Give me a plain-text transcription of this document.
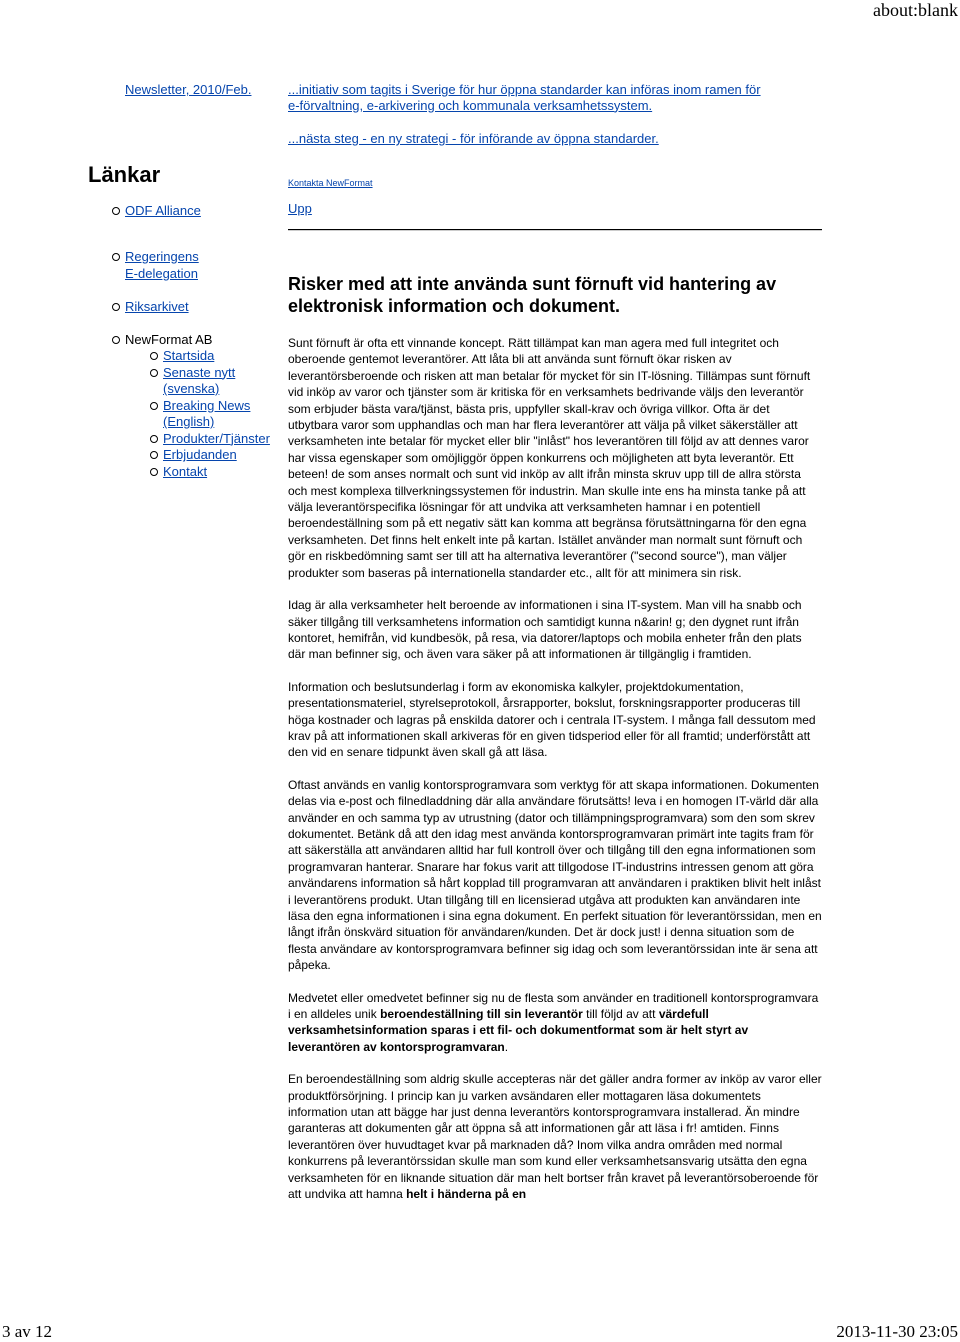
about:blank
3 av 12	2013-11-30 23:05
Newsletter, 2010/Feb.
Länkar
ODF Alliance
Regeringens
E-delegation
Riksarkivet
NewFormat AB
Startsida
Senaste nytt
(svenska)
Breaking News
(English)
Produkter/Tjänster
Erbjudanden
Kontakt
...initiativ som tagits i Sverige för hur öppna standarder kan införas inom ramen för
e-förvaltning, e-arkivering och kommunala verksamhetssystem.
...nästa steg - en ny strategi - för införande av öppna standarder.
Kontakta NewFormat
Upp
Risker med att inte använda sunt förnuft vid hantering av elektronisk information och dokument.

Sunt förnuft är ofta ett vinnande koncept. Rätt tillämpat kan man agera med full integritet och oberoende gentemot leverantörer. Att låta bli att använda sunt förnuft ökar risken av leverantörsberoende och risken att man betalar för mycket för sin IT-lösning. Tillämpas sunt förnuft vid inköp av varor och tjänster som är kritiska för en verksamhets bedrivande väljs den leverantör som erbjuder bästa vara/tjänst, bästa pris, uppfyller skall-krav och övriga villkor. Ofta är det utbytbara varor som upphandlas och man har flera leverantörer att välja på vilket säkerställer att verksamheten inte betalar för mycket eller blir "inlåst" hos leverantören till följd av att dennes varor har vissa egenskaper som omöjliggör öppen konkurrens och möjligheten att byta leverantör. Ett beteen! de som anses normalt och sunt vid inköp av allt ifrån minsta skruv upp till de allra största och mest komplexa tillverkningssystemen för industrin. Man skulle inte ens ha minsta tanke på att välja leverantörspecifika lösningar för att undvika att verksamheten hamnar i en potentiell beroendeställning som på ett negativ sätt kan komma att begränsa förutsättningarna för den egna verksamheten. Det finns helt enkelt inte på kartan. Istället använder man normalt sunt förnuft och gör en riskbedömning samt ser till att ha alternativa leverantörer ("second source"), man väljer produkter som baseras på internationella standarder etc., allt för att minimera sin risk.

Idag är alla verksamheter helt beroende av informationen i sina IT-system. Man vill ha snabb och säker tillgång till verksamhetens information och samtidigt kunna n&arin! g; den dygnet runt ifrån kontoret, hemifrån, vid kundbesök, på resa, via datorer/laptops och mobila enheter från den plats där man befinner sig, och även vara säker på att informationen är tillgänglig i framtiden.

Information och beslutsunderlag i form av ekonomiska kalkyler, projektdokumentation, presentationsmateriel, styrelseprotokoll, årsrapporter, bokslut, forskningsrapporter produceras till höga kostnader och lagras på enskilda datorer och i centrala IT-system. I många fall dessutom med krav på att informationen skall arkiveras för en given tidsperiod eller för all framtid; underförstått att den vid en senare tidpunkt även skall gå att läsa.

Oftast används en vanlig kontorsprogramvara som verktyg för att skapa informationen. Dokumenten delas via e-post och filnedladdning där alla användare förutsätts! leva i en homogen IT-värld där alla använder en och samma typ av utrustning (dator och tillämpningsprogramvara) som den som skrev dokumentet. Betänk då att den idag mest använda kontorsprogramvaran primärt inte tagits fram för att säkerställa att användaren alltid har full kontroll över och tillgång till den egna informationen som programvaran hanterar. Snarare har fokus varit att tillgodose IT-industrins intressen genom att göra användarens information så hårt kopplad till programvaran att användaren i praktiken blivit helt inlåst i leverantörens produkt. Utan tillgång till en licensierad utgåva att produkten kan användaren inte läsa den egna informationen i sina egna dokument. En perfekt situation för leverantörssidan, men en långt ifrån önskvärd situation för användaren/kunden. Det är dock just! i denna situation som de flesta användare av kontorsprogramvara befinner sig idag och som leverantörssidan inte är sena att påpeka.

Medvetet eller omedvetet befinner sig nu de flesta som använder en traditionell kontorsprogramvara i en alldeles unik beroendeställning till sin leverantör till följd av att värdefull verksamhetsinformation sparas i ett fil- och dokumentformat som är helt styrt av leverantören av kontorsprogramvaran.

En beroendeställning som aldrig skulle accepteras när det gäller andra former av inköp av varor eller produktförsörjning. I princip kan ju varken avsändaren eller mottagaren läsa dokumentets information utan att bägge har just denna leverantörs kontorsprogramvara installerad. Än mindre garanteras att dokumenten går att öppna så att informationen går att läsa i fr! amtiden. Finns leverantören över huvudtaget kvar på marknaden då? Inom vilka andra områden med normal konkurrens på leverantörssidan skulle man som kund eller verksamhetsansvarig utsätta den egna verksamheten för en liknande situation där man helt bortser från kravet på leverantörsoberoende för att undvika att hamna helt i händerna på en
